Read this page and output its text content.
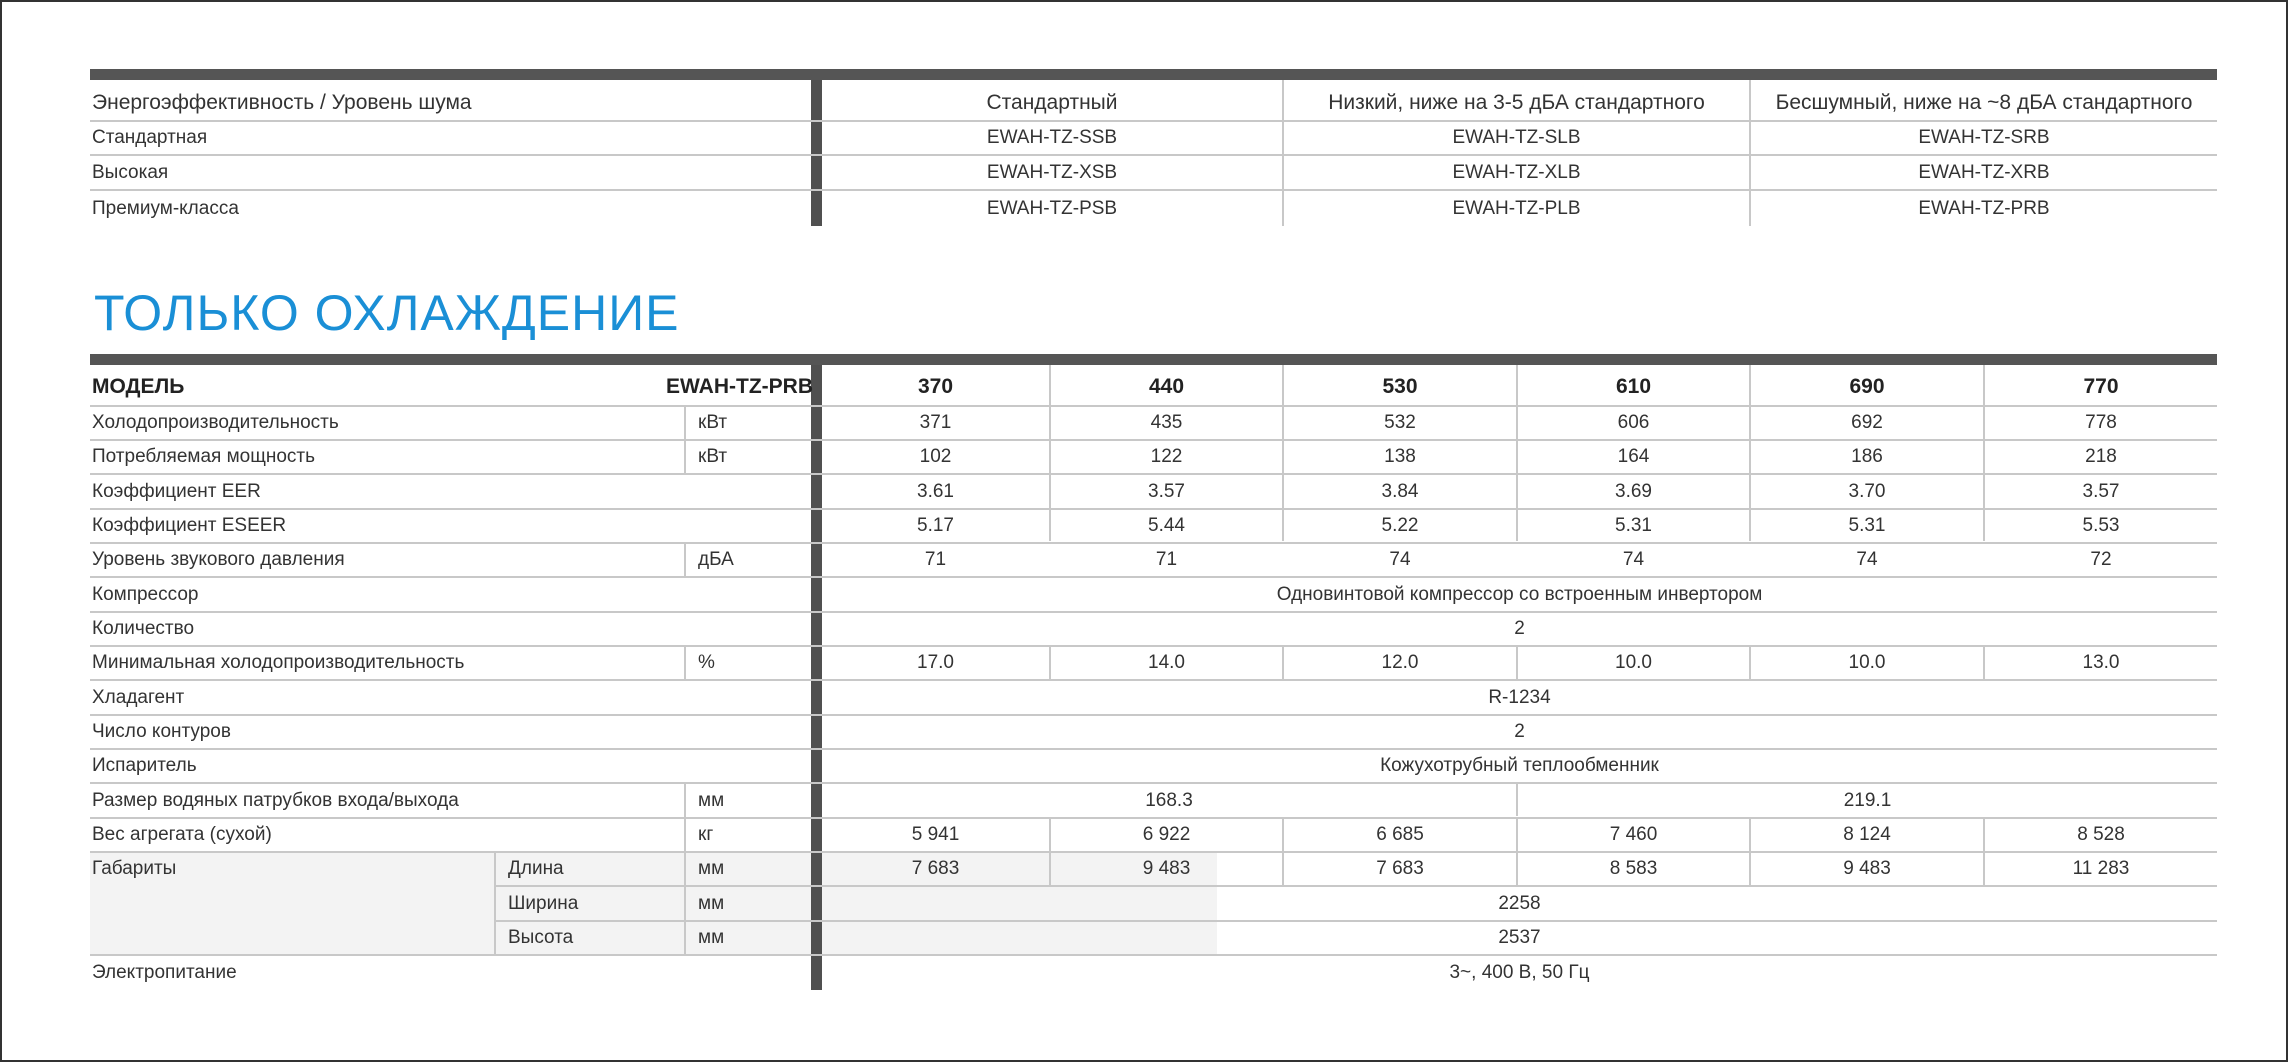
Энергоэффективность / Уровень шума	Стандартный	Низкий, ниже на 3-5 дБА стандартного	Бесшумный, ниже на ~8 дБА стандартного
Стандартная	EWAH-TZ-SSB	EWAH-TZ-SLB	EWAH-TZ-SRB
Высокая	EWAH-TZ-XSB	EWAH-TZ-XLB	EWAH-TZ-XRB
Премиум-класса	EWAH-TZ-PSB	EWAH-TZ-PLB	EWAH-TZ-PRB
ТОЛЬКО ОХЛАЖДЕНИЕ
МОДЕЛЬ	EWAH-TZ-PRB	370	440	530	610	690	770
Холодопроизводительность	кВт	371	435	532	606	692	778
Потребляемая мощность	кВт	102	122	138	164	186	218
Коэффициент EER	3.61	3.57	3.84	3.69	3.70	3.57
Коэффициент ESEER	5.17	5.44	5.22	5.31	5.31	5.53
Уровень звукового давления	дБА	71	71	74	74	74	72
Компрессор	Одновинтовой компрессор со встроенным инвертором
Количество	2
Минимальная холодопроизводительность	%	17.0	14.0	12.0	10.0	10.0	13.0
Хладагент	R-1234
Число контуров	2
Испаритель	Кожухотрубный теплообменник
Размер водяных патрубков входа/выхода	мм	168.3	219.1
Вес агрегата (сухой)	кг	5 941	6 922	6 685	7 460	8 124	8 528
Габариты	Длина	мм	7 683	9 483	7 683	8 583	9 483	11 283
Ширина	мм	2258
Высота	мм	2537
Электропитание	3~, 400 В, 50 Гц
